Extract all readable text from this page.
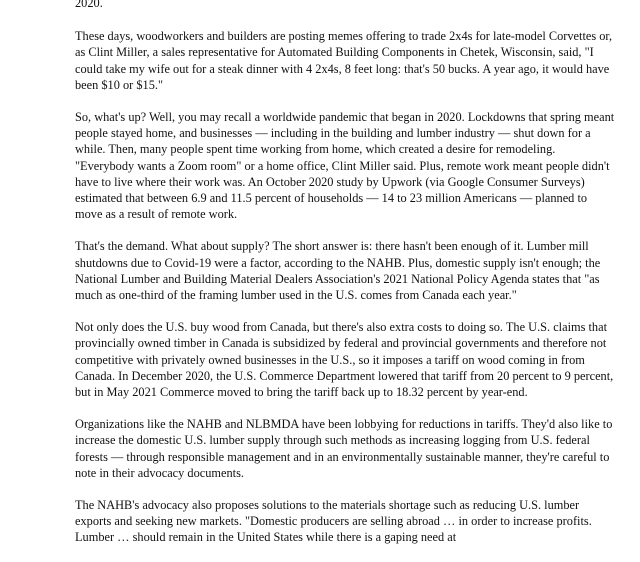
2020.

These days, woodworkers and builders are posting memes offering to trade 2x4s for late-model Corvettes or, as Clint Miller, a sales representative for Automated Building Components in Chetek, Wisconsin, said, "I could take my wife out for a steak dinner with 4 2x4s, 8 feet long: that's 50 bucks. A year ago, it would have been $10 or $15."

So, what's up? Well, you may recall a worldwide pandemic that began in 2020. Lockdowns that spring meant people stayed home, and businesses — including in the building and lumber industry — shut down for a while. Then, many people spent time working from home, which created a desire for remodeling. "Everybody wants a Zoom room" or a home office, Clint Miller said. Plus, remote work meant people didn't have to live where their work was. An October 2020 study by Upwork (via Google Consumer Surveys) estimated that between 6.9 and 11.5 percent of households — 14 to 23 million Americans — planned to move as a result of remote work.

That's the demand. What about supply? The short answer is: there hasn't been enough of it. Lumber mill shutdowns due to Covid-19 were a factor, according to the NAHB. Plus, domestic supply isn't enough; the National Lumber and Building Material Dealers Association's 2021 National Policy Agenda states that "as much as one-third of the framing lumber used in the U.S. comes from Canada each year."

Not only does the U.S. buy wood from Canada, but there's also extra costs to doing so. The U.S. claims that provincially owned timber in Canada is subsidized by federal and provincial governments and therefore not competitive with privately owned businesses in the U.S., so it imposes a tariff on wood coming in from Canada. In December 2020, the U.S. Commerce Department lowered that tariff from 20 percent to 9 percent, but in May 2021 Commerce moved to bring the tariff back up to 18.32 percent by year-end.

Organizations like the NAHB and NLBMDA have been lobbying for reductions in tariffs. They'd also like to increase the domestic U.S. lumber supply through such methods as increasing logging from U.S. federal forests — through responsible management and in an environmentally sustainable manner, they're careful to note in their advocacy documents.

The NAHB's advocacy also proposes solutions to the materials shortage such as reducing U.S. lumber exports and seeking new markets. "Domestic producers are selling abroad … in order to increase profits. Lumber … should remain in the United States while there is a gaping need at
